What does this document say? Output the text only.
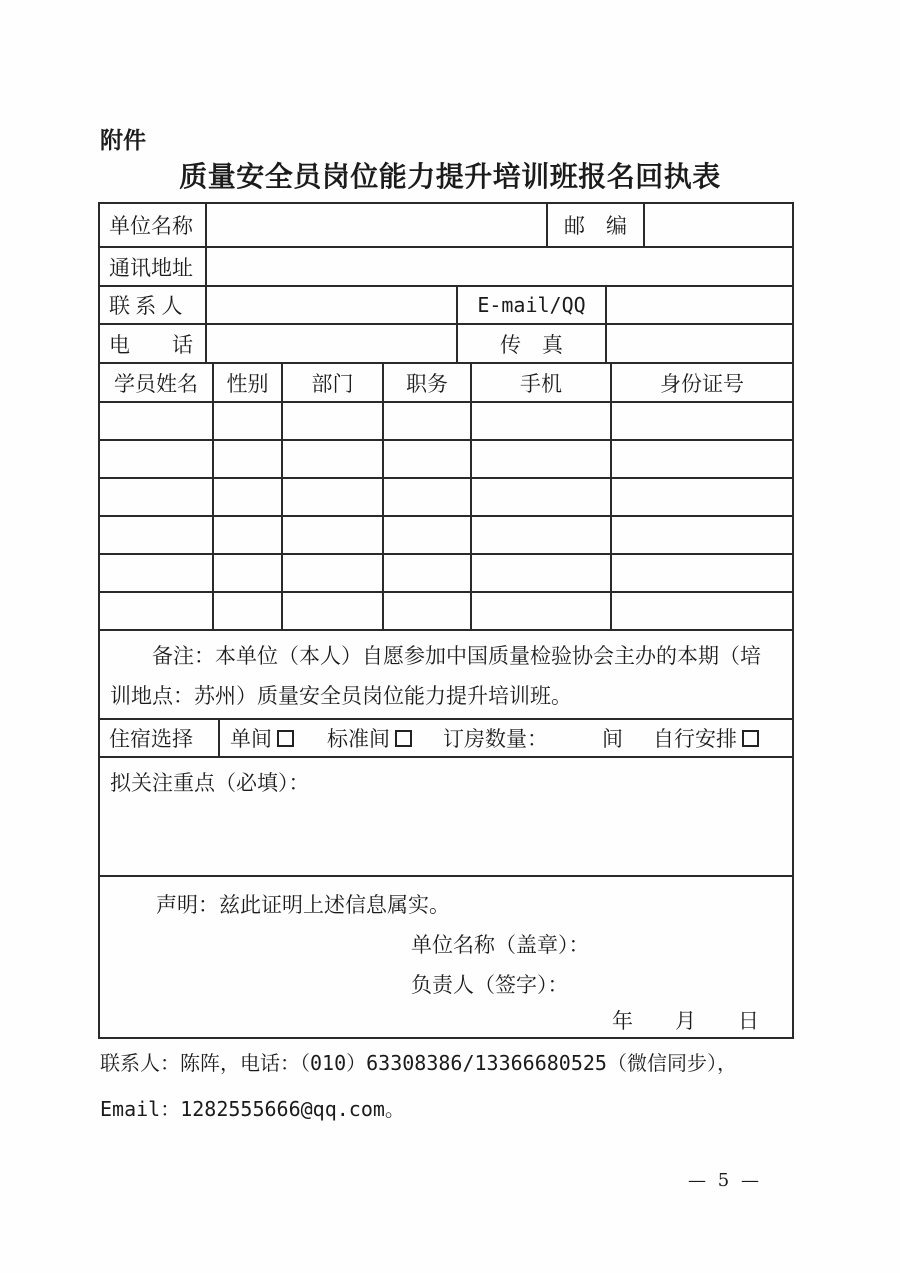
附件
质量安全员岗位能力提升培训班报名回执表
单位名称	邮　编
通讯地址
联 系 人	E-mail/QQ
电　　话	传　真
学员姓名	性别	部门	职务	手机	身份证号
备注：本单位（本人）自愿参加中国质量检验协会主办的本期（培
训地点：苏州）质量安全员岗位能力提升培训班。
住宿选择	单间	标准间	订房数量：	间 自行安排
拟关注重点（必填）：
声明：兹此证明上述信息属实。
单位名称（盖章）：
负责人（签字）：
年　　月　　日
联系人：陈阵，电话：（010）63308386/13366680525（微信同步），
Email：1282555666@qq.com。
— 5 —
